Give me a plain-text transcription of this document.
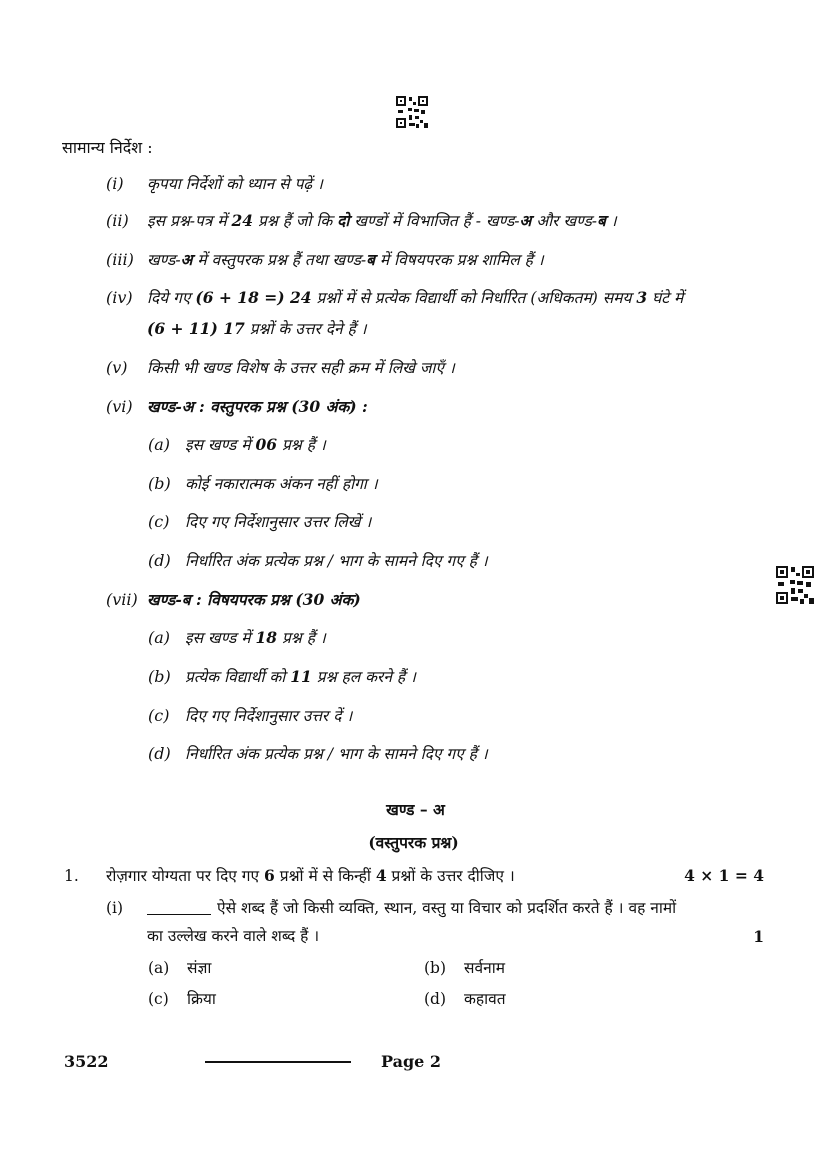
सामान्य निर्देश :
(i) कृपया निर्देशों को ध्यान से पढ़ें ।
(ii) इस प्रश्न-पत्र में 24 प्रश्न हैं जो कि दो खण्डों में विभाजित हैं - खण्ड-अ और खण्ड-ब ।
(iii) खण्ड-अ में वस्तुपरक प्रश्न हैं तथा खण्ड-ब में विषयपरक प्रश्न शामिल हैं ।
(iv) दिये गए (6 + 18 =) 24 प्रश्नों में से प्रत्येक विद्यार्थी को निर्धारित (अधिकतम) समय 3 घंटे में
(6 + 11) 17 प्रश्नों के उत्तर देने हैं ।
(v) किसी भी खण्ड विशेष के उत्तर सही क्रम में लिखे जाएँ ।
(vi) खण्ड-अ : वस्तुपरक प्रश्न (30 अंक) :
(a) इस खण्ड में 06 प्रश्न हैं ।
(b) कोई नकारात्मक अंकन नहीं होगा ।
(c) दिए गए निर्देशानुसार उत्तर लिखें ।
(d) निर्धारित अंक प्रत्येक प्रश्न / भाग के सामने दिए गए हैं ।
(vii) खण्ड-ब : विषयपरक प्रश्न (30 अंक)
(a) इस खण्ड में 18 प्रश्न हैं ।
(b) प्रत्येक विद्यार्थी को 11 प्रश्न हल करने हैं ।
(c) दिए गए निर्देशानुसार उत्तर दें ।
(d) निर्धारित अंक प्रत्येक प्रश्न / भाग के सामने दिए गए हैं ।
खण्ड – अ
(वस्तुपरक प्रश्न)
1. रोज़गार योग्यता पर दिए गए 6 प्रश्नों में से किन्हीं 4 प्रश्नों के उत्तर दीजिए ।	4 × 1 = 4
(i)	ऐसे शब्द हैं जो किसी व्यक्ति, स्थान, वस्तु या विचार को प्रदर्शित करते हैं । वह नामों
का उल्लेख करने वाले शब्द हैं ।	1
(a) संज्ञा	(b) सर्वनाम
(c) क्रिया	(d) कहावत
3522	Page 2
